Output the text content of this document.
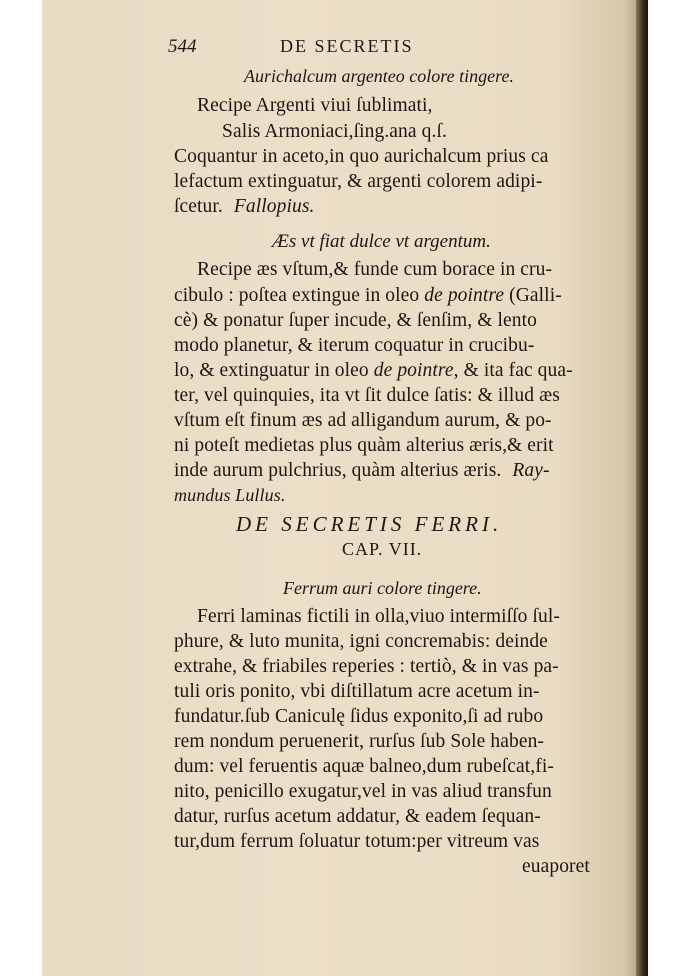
544	DE SECRETIS
Aurichalcum argenteo colore tingere.
Recipe Argenti viui ſublimati,
Salis Armoniaci,ſing.ana q.ſ.
Coquantur in aceto,in quo aurichalcum prius ca
lefactum extinguatur, & argenti colorem adipi-
ſcetur. Fallopius.
Æs vt fiat dulce vt argentum.
Recipe æs vſtum,& funde cum borace in cru-
cibulo : poſtea extingue in oleo de pointre (Galli-
cè) & ponatur ſuper incude, & ſenſim, & lento
modo planetur, & iterum coquatur in crucibu-
lo, & extinguatur in oleo de pointre, & ita fac qua-
ter, vel quinquies, ita vt ſit dulce ſatis: & illud æs
vſtum eſt finum æs ad alligandum aurum, & po-
ni poteſt medietas plus quàm alterius æris,& erit
inde aurum pulchrius, quàm alterius æris. Ray-
mundus Lullus.
DE SECRETIS FERRI.
CAP. VII.
Ferrum auri colore tingere.
Ferri laminas fictili in olla,viuo intermiſſo ſul-
phure, & luto munita, igni concremabis: deinde
extrahe, & friabiles reperies : tertiò, & in vas pa-
tuli oris ponito, vbi diſtillatum acre acetum in-
fundatur.ſub Caniculę ſidus exponito,ſi ad rubo
rem nondum peruenerit, rurſus ſub Sole haben-
dum: vel feruentis aquæ balneo,dum rubeſcat,fi-
nito, penicillo exugatur,vel in vas aliud transfun
datur, rurſus acetum addatur, & eadem ſequan-
tur,dum ferrum ſoluatur totum:per vitreum vas
euaporet
